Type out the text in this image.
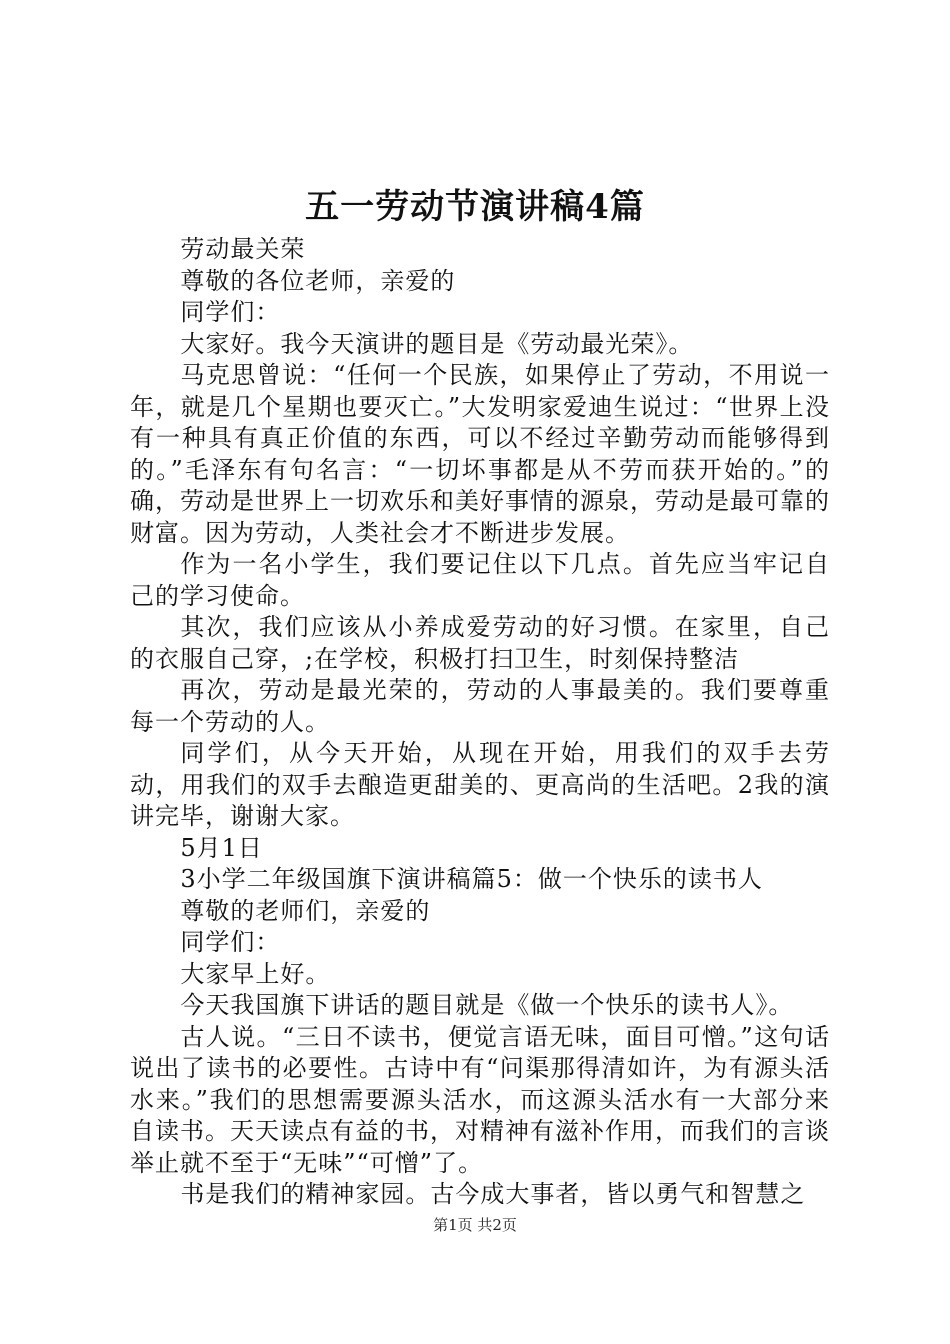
五一劳动节演讲稿4篇

劳动最关荣

尊敬的各位老师，亲爱的

同学们：

大家好。我今天演讲的题目是《劳动最光荣》。

马克思曾说：“任何一个民族，如果停止了劳动，不用说一年，就是几个星期也要灭亡。”大发明家爱迪生说过：“世界上没有一种具有真正价值的东西，可以不经过辛勤劳动而能够得到的。”毛泽东有句名言：“一切坏事都是从不劳而获开始的。”的确，劳动是世界上一切欢乐和美好事情的源泉，劳动是最可靠的财富。因为劳动，人类社会才不断进步发展。

作为一名小学生，我们要记住以下几点。首先应当牢记自己的学习使命。

其次，我们应该从小养成爱劳动的好习惯。在家里，自己的衣服自己穿，;在学校，积极打扫卫生，时刻保持整洁

再次，劳动是最光荣的，劳动的人事最美的。我们要尊重每一个劳动的人。

同学们，从今天开始，从现在开始，用我们的双手去劳动，用我们的双手去酿造更甜美的、更高尚的生活吧。2我的演讲完毕，谢谢大家。

5月1日

3小学二年级国旗下演讲稿篇5：做一个快乐的读书人

尊敬的老师们，亲爱的

同学们：

大家早上好。

今天我国旗下讲话的题目就是《做一个快乐的读书人》。

古人说。“三日不读书，便觉言语无味，面目可憎。”这句话说出了读书的必要性。古诗中有“问渠那得清如许，为有源头活水来。”我们的思想需要源头活水，而这源头活水有一大部分来自读书。天天读点有益的书，对精神有滋补作用，而我们的言谈举止就不至于“无味”“可憎”了。

书是我们的精神家园。古今成大事者，皆以勇气和智慧之

第1页 共2页
